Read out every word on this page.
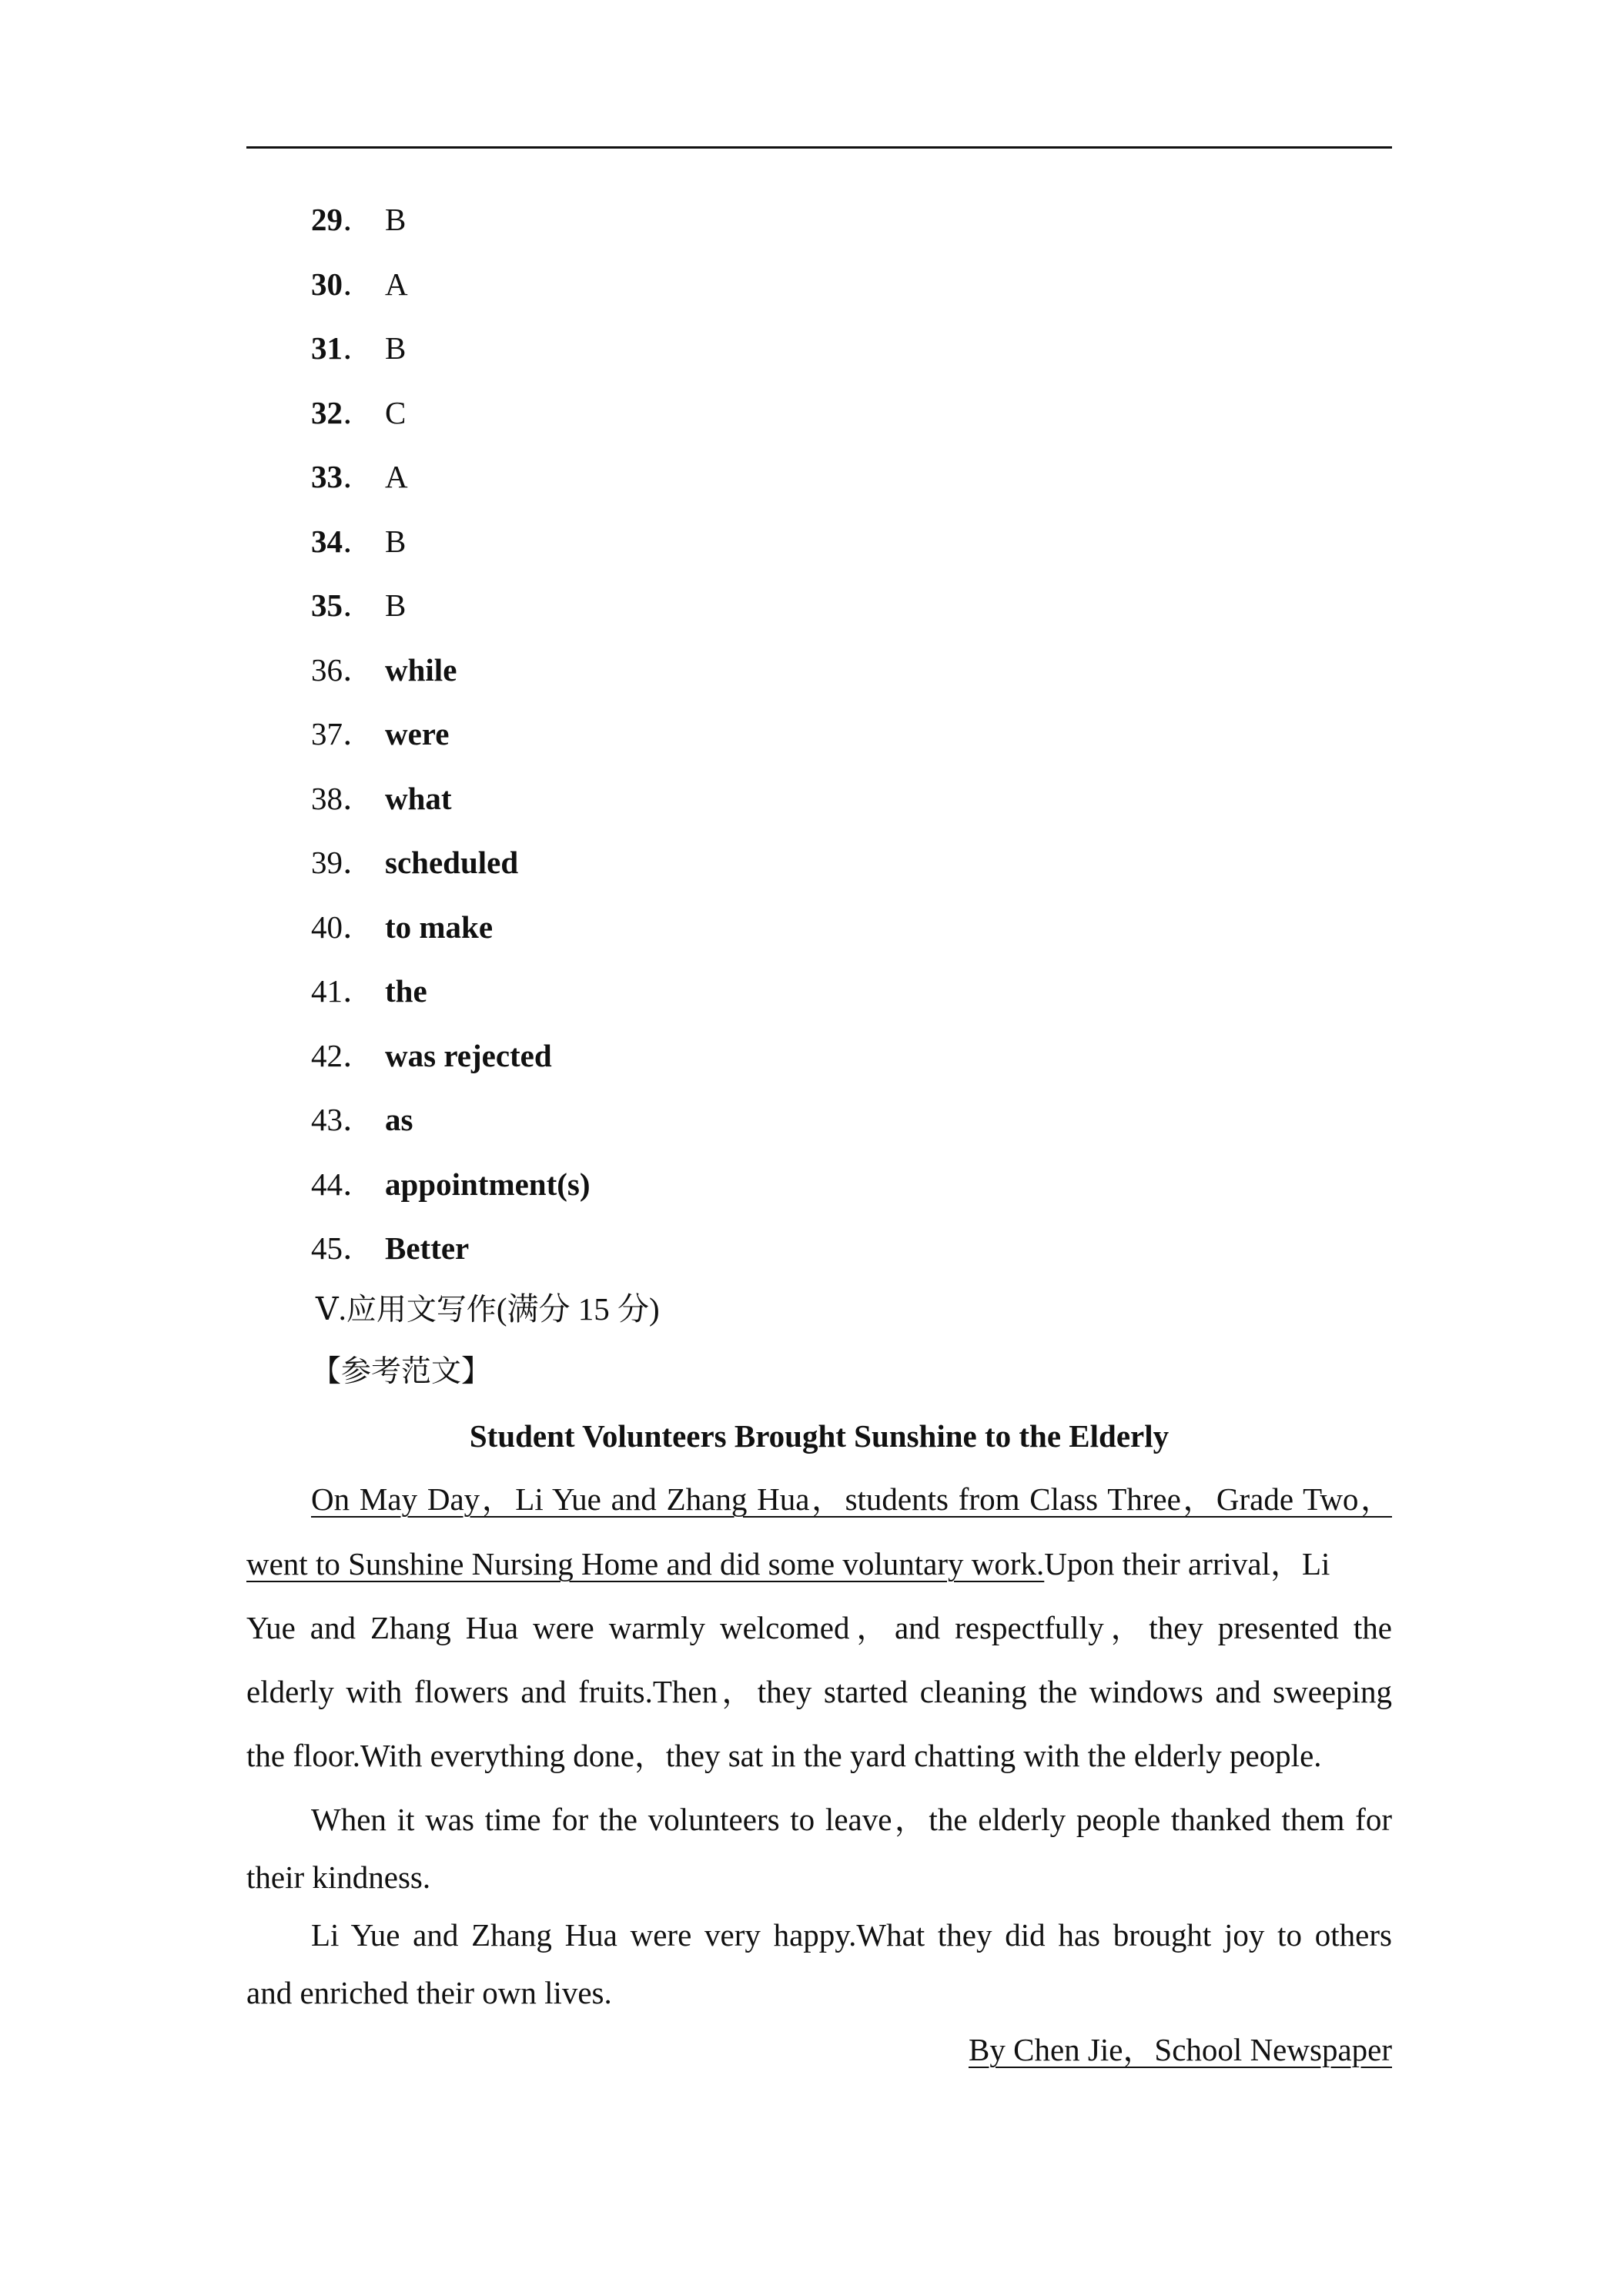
29． B
30． A
31． B
32． C
33． A
34． B
35． B
36． while
37． were
38． what
39． scheduled
40． to make
41． the
42． was rejected
43． as
44． appointment(s)
45． Better
Ⅴ.应用文写作(满分 15 分)
【参考范文】
Student Volunteers Brought Sunshine to the Elderly
On May Day，Li Yue and Zhang Hua，students from Class Three，Grade Two，
went to Sunshine Nursing Home and did some voluntary work.Upon their arrival，Li
Yue and Zhang Hua were warmly welcomed，and respectfully，they presented the
elderly with flowers and fruits.Then，they started cleaning the windows and sweeping
the floor.With everything done，they sat in the yard chatting with the elderly people.
When it was time for the volunteers to leave，the elderly people thanked them for
their kindness.
Li Yue and Zhang Hua were very happy.What they did has brought joy to others
and enriched their own lives.
By Chen Jie，School Newspaper
